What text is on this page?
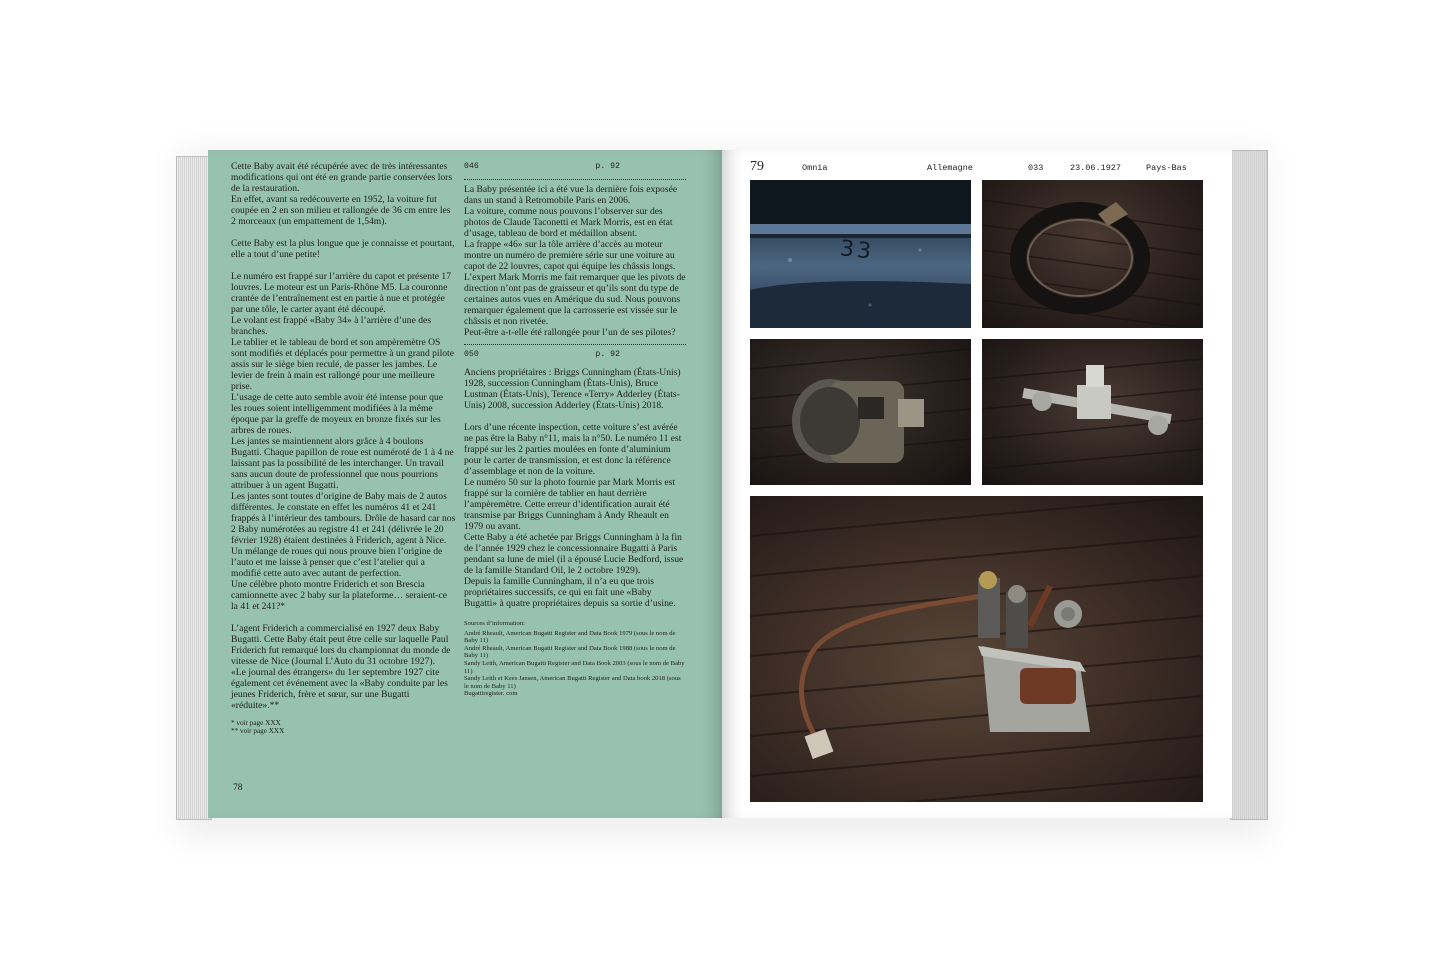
Cette Baby avait été récupérée avec de très intéressantes modifications qui ont été en grande partie conservées lors de la restauration.
En effet, avant sa redécouverte en 1952, la voiture fut coupée en 2 en son milieu et rallongée de 36 cm entre les 2 morceaux (un empattement de 1,54m).

Cette Baby est la plus longue que je connaisse et pourtant, elle a tout d’une petite!

Le numéro est frappé sur l’arrière du capot et présente 17 louvres. Le moteur est un Paris-Rhône M5. La couronne crantée de l’entraînement est en partie à nue et protégée par une tôle, le carter ayant été découpé.
Le volant est frappé «Baby 34» à l’arrière d’une des branches.
Le tablier et le tableau de bord et son ampèremètre OS sont modifiés et déplacés pour permettre à un grand pilote assis sur le siège bien reculé, de passer les jambes. Le levier de frein à main est rallongé pour une meilleure prise.
L’usage de cette auto semble avoir été intense pour que les roues soient intelligemment modifiées à la même époque par la greffe de moyeux en bronze fixés sur les arbres de roues.
Les jantes se maintiennent alors grâce à 4 boulons Bugatti. Chaque papillon de roue est numéroté de 1 à 4 ne laissant pas la possibilité de les interchanger. Un travail sans aucun doute de professionnel que nous pourrions attribuer à un agent Bugatti.
Les jantes sont toutes d’origine de Baby mais de 2 autos différentes. Je constate en effet les numéros 41 et 241 frappés à l’intérieur des tambours. Drôle de hasard car nos 2 Baby numérotées au registre 41 et 241 (délivrée le 20 février 1928) étaient destinées à Friderich, agent à Nice. Un mélange de roues qui nous prouve bien l’origine de l’auto et me laisse à penser que c’est l’atelier qui a modifié cette auto avec autant de perfection.
Une célèbre photo montre Friderich et son Brescia camionnette avec 2 baby sur la plateforme… seraient-ce la 41 et 241?*

L’agent Friderich a commercialisé en 1927 deux Baby Bugatti. Cette Baby était peut être celle sur laquelle Paul Friderich fut remarqué lors du championnat du monde de vitesse de Nice (Journal L’Auto du 31 octobre 1927).
«Le journal des étrangers» du 1er septembre 1927 cite également cet événement avec la «Baby conduite par les jeunes Friderich, frère et sœur, sur une Bugatti «réduite».**

* voir page XXX
** voir page XXX
046	p. 92

La Baby présentée ici a été vue la dernière fois exposée dans un stand à Retromobile Paris en 2006.
La voiture, comme nous pouvons l’observer sur des photos de Claude Taconetti et Mark Morris, est en état d’usage, tableau de bord et médaillon absent.
La frappe «46» sur la tôle arrière d’accès au moteur montre un numéro de première série sur une voiture au capot de 22 louvres, capot qui équipe les châssis longs. L’expert Mark Morris me fait remarquer que les pivots de direction n’ont pas de graisseur et qu’ils sont du type de certaines autos vues en Amérique du sud. Nous pouvons remarquer également que la carrosserie est vissée sur le châssis et non rivetée.
Peut-être a-t-elle été rallongée pour l’un de ses pilotes?

050	p. 92

Anciens propriétaires : Briggs Cunningham (États-Unis) 1928, succession Cunningham (États-Unis), Bruce Lustman (États-Unis), Terence «Terry» Adderley (États-Unis) 2008, succession Adderley (États-Unis) 2018.

Lors d’une récente inspection, cette voiture s’est avérée ne pas être la Baby n°11, mais la n°50. Le numéro 11 est frappé sur les 2 parties moulées en fonte d’aluminium pour le carter de transmission, et est donc la référence d’assemblage et non de la voiture.
Le numéro 50 sur la photo fournie par Mark Morris est frappé sur la cornière de tablier en haut derrière l’ampèremètre. Cette erreur d’identification aurait été transmise par Briggs Cunningham à Andy Rheault en 1979 ou avant.
Cette Baby a été achetée par Briggs Cunningham à la fin de l’année 1929 chez le concessionnaire Bugatti à Paris pendant sa lune de miel (il a épousé Lucie Bedford, issue de la famille Standard Oil, le 2 octobre 1929).
Depuis la famille Cunningham, il n’a eu que trois propriétaires successifs, ce qui en fait une «Baby Bugatti» à quatre propriétaires depuis sa sortie d’usine.

Sources d’information:

André Rheault, American Bugatti Register and Data Book 1979 (sous le nom de Baby 11)

André Rheault, American Bugatti Register and Data Book 1988 (sous le nom de Baby 11)

Sandy Leith, American Bugatti Register and Data Book 2003 (sous le nom de Baby 11)

Sandy Leith et Kees Jansen, American Bugatti Register and Data book 2018 (sous le nom de Baby 11)

Bugattiregister. com

78
79	Omnia	Allemagne	033	23.06.1927	Pays-Bas
33
